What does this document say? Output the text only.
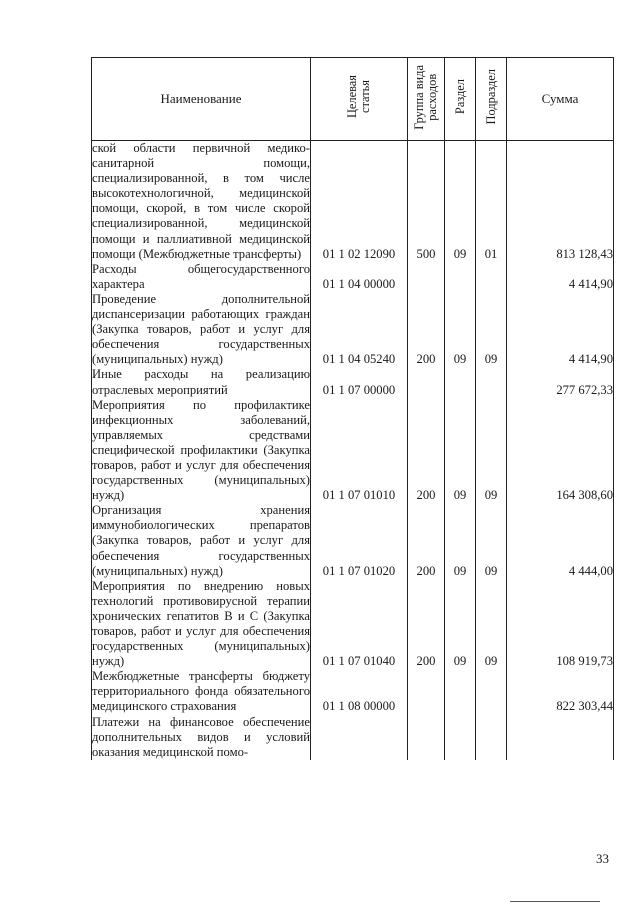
Наименование	Целевая
статья	Группа вида
расходов	Раздел	Подраздел	Сумма
ской области первичной медико-санитарной помощи, специализированной, в том числе высокотехнологичной, медицинской помощи, скорой, в том числе скорой специализированной, медицинской помощи и паллиативной медицинской помощи (Межбюджетные трансферты)	01 1 02 12090	500	09	01	813 128,43
Расходы общегосударственного характера	01 1 04 00000				4 414,90
Проведение дополнительной диспансеризации работающих граждан (Закупка товаров, работ и услуг для обеспечения государственных (муниципальных) нужд)	01 1 04 05240	200	09	09	4 414,90
Иные расходы на реализацию отраслевых мероприятий	01 1 07 00000				277 672,33
Мероприятия по профилактике инфекционных заболеваний, управляемых средствами специфической профилактики (Закупка товаров, работ и услуг для обеспечения государственных (муниципальных) нужд)	01 1 07 01010	200	09	09	164 308,60
Организация хранения иммунобиологических препаратов (Закупка товаров, работ и услуг для обеспечения государственных (муниципальных) нужд)	01 1 07 01020	200	09	09	4 444,00
Мероприятия по внедрению новых технологий противовирусной терапии хронических гепатитов В и С (Закупка товаров, работ и услуг для обеспечения государственных (муниципальных) нужд)	01 1 07 01040	200	09	09	108 919,73
Межбюджетные трансферты бюджету территориального фонда обязательного медицинского страхования	01 1 08 00000				822 303,44
Платежи на финансовое обеспечение дополнительных видов и условий оказания медицинской помо-					
33
